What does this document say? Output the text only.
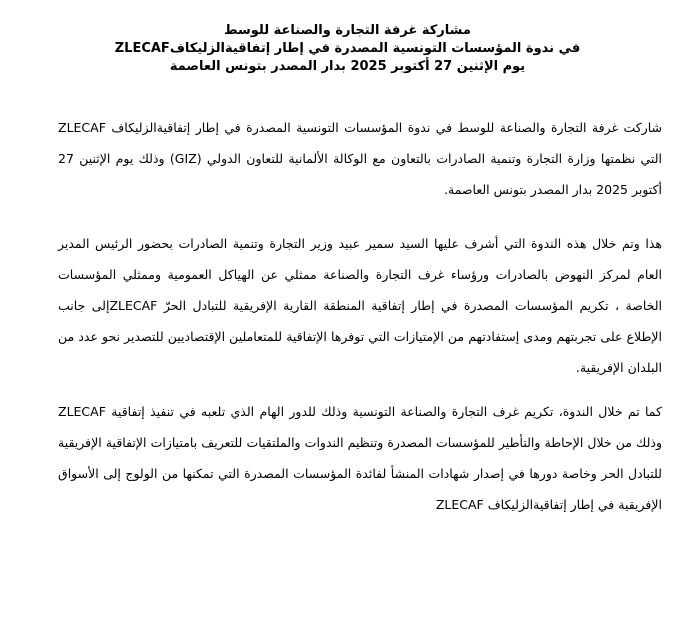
مشاركة غرفة التجارة والصناعة للوسط
في ندوة المؤسسات التونسية المصدرة في إطار إتفاقيةالزليكافZLECAF
يوم الإثنين 27 أكتوبر 2025 بدار المصدر بتونس العاصمة
شاركت غرفة التجارة والصناعة للوسط في ندوة المؤسسات التونسية المصدرة في إطار إتفاقيةالزليكاف ZLECAF التي نظمتها وزارة التجارة وتنمية الصادرات بالتعاون مع الوكالة الألمانية للتعاون الدولي (GIZ) وذلك يوم الإثنين 27 أكتوبر 2025 بدار المصدر بتونس العاصمة.
هذا وتم خلال هذه الندوة التي أشرف عليها السيد سمير عبيد وزير التجارة وتنمية الصادرات بحضور الرئيس المدير العام لمركز النهوض بالصادرات ورؤساء غرف التجارة والصناعة ممثلي عن الهياكل العمومية وممثلي المؤسسات الخاصة ، تكريم المؤسسات المصدرة في إطار إتفاقية المنطقة القارية الإفريقية للتبادل الحرّ ZLECAFإلى جانب الإطلاع على تجربتهم ومدى إستفادتهم من الإمتيازات التي توفرها الإتفاقية للمتعاملين الإقتصاديين للتصدير نحو عدد من البلدان الإفريقية.
كما تم خلال الندوة، تكريم غرف التجارة والصناعة التونسية وذلك للدور الهام الذي تلعبه في تنفيذ إتفاقية ZLECAF وذلك من خلال الإحاطة والتأطير للمؤسسات المصدرة وتنظيم الندوات والملتقيات للتعريف بامتيازات الإتفاقية الإفريقية للتبادل الحر وخاصة دورها في إصدار شهادات المنشأ لفائدة المؤسسات المصدرة التي تمكنها من الولوج إلى الأسواق الإفريقية في إطار إتفاقيةالزليكاف ZLECAF
